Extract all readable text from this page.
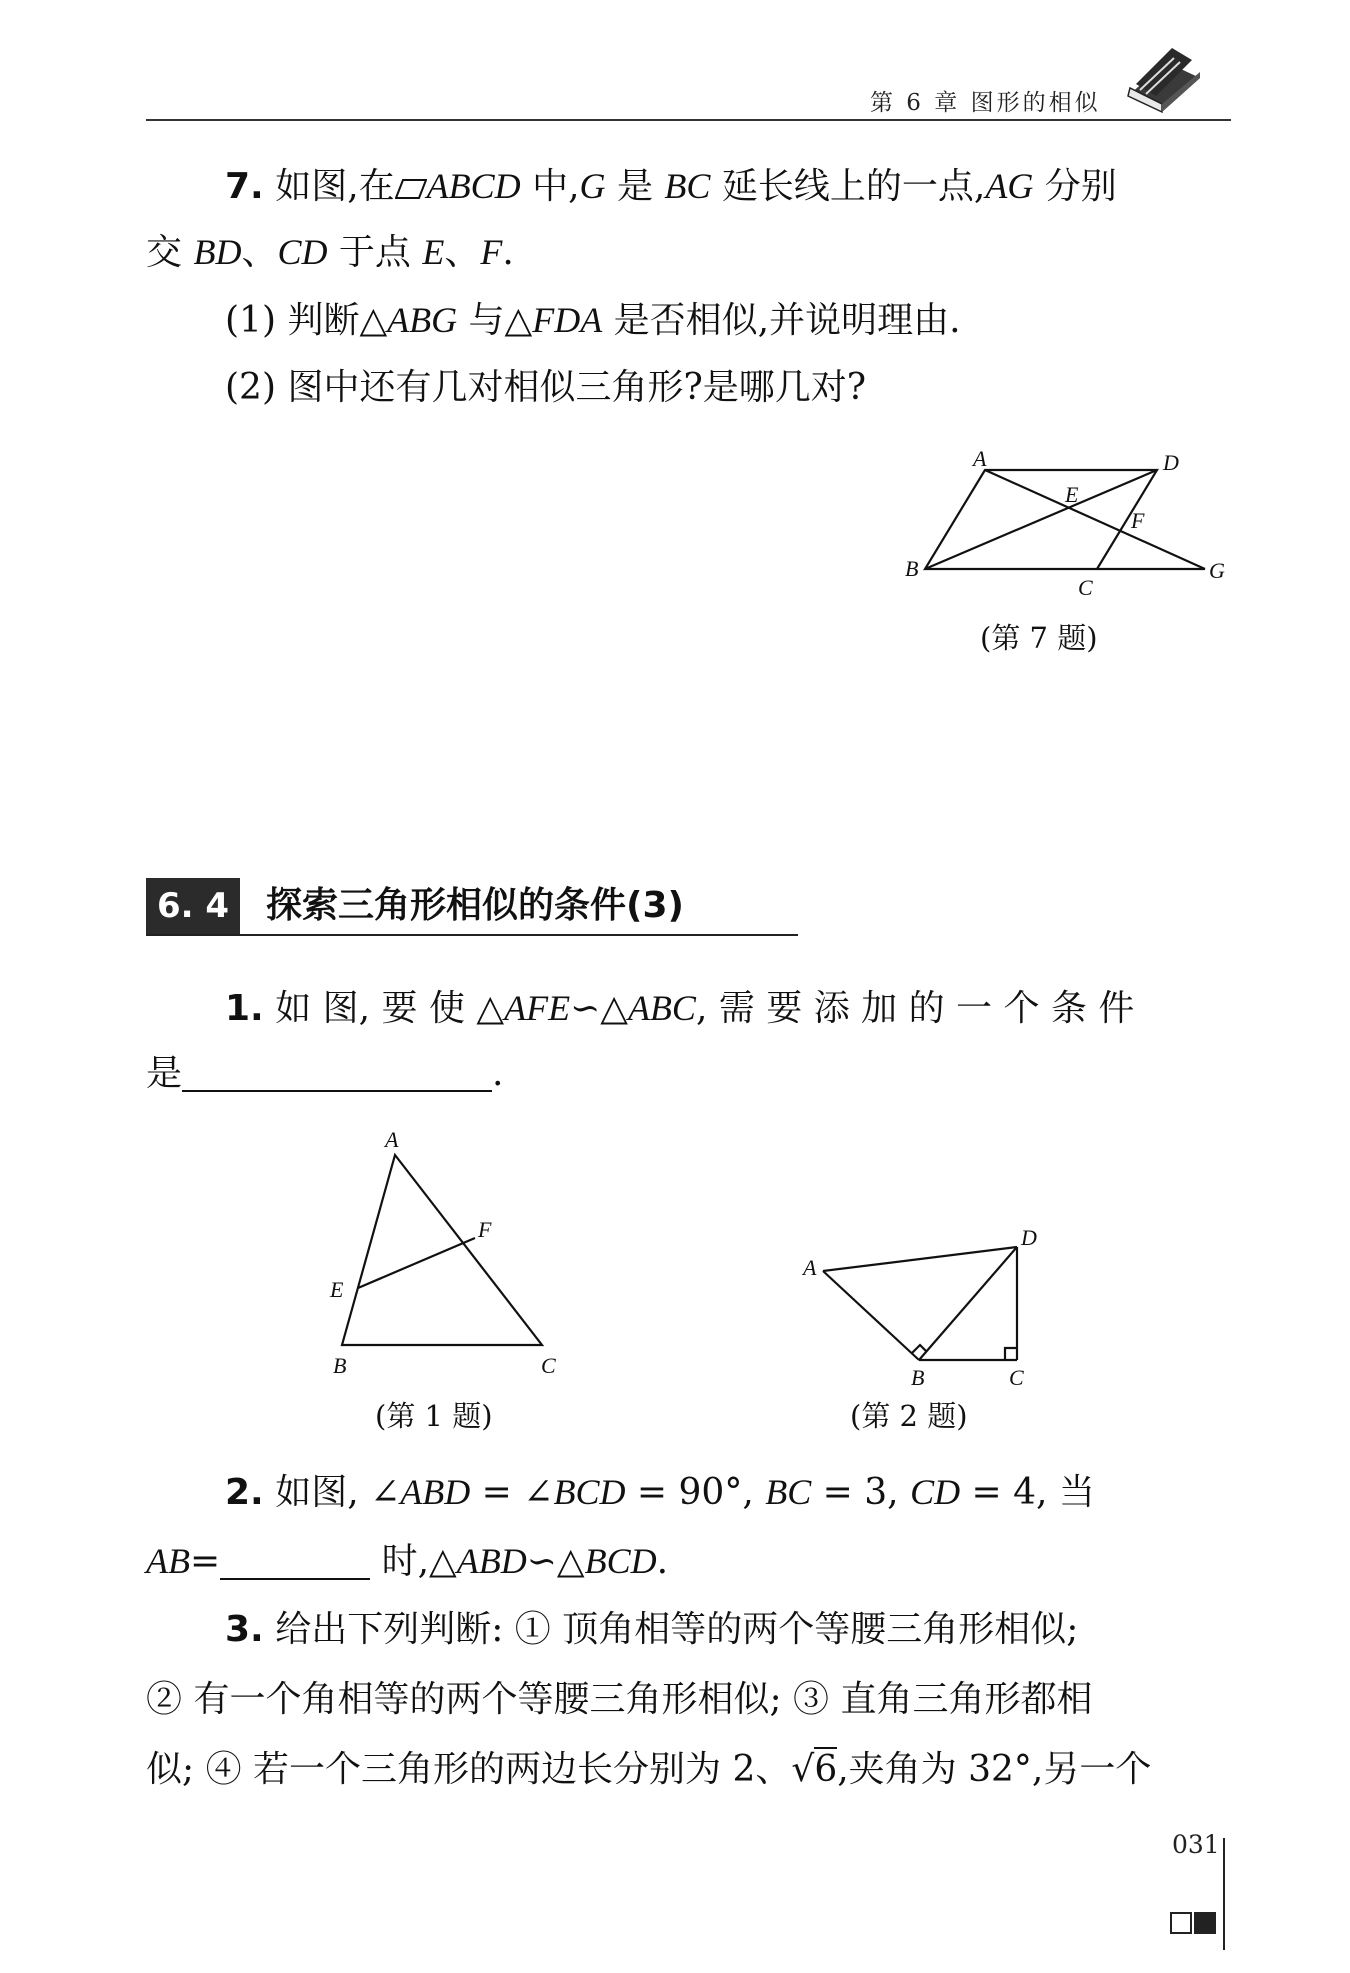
第 6 章 图形的相似
7. 如图,在 ABCD 中,G 是 BC 延长线上的一点,AG 分别
交 BD、CD 于点 E、F.
(1) 判断△ABG 与△FDA 是否相似,并说明理由.
(2) 图中还有几对相似三角形?是哪几对?
A	D
E
F
B
C
G
(第 7 题)
6. 4	探索三角形相似的条件(3)
1. 如 图, 要 使 △AFE∽△ABC, 需 要 添 加 的 一 个 条 件
是	.
A
F
E
B	C
(第 1 题)
A
D
B	C
(第 2 题)
2. 如图, ∠ABD = ∠BCD = 90°, BC = 3, CD = 4, 当
AB=	时,△ABD∽△BCD.
3. 给出下列判断: ① 顶角相等的两个等腰三角形相似;
② 有一个角相等的两个等腰三角形相似; ③ 直角三角形都相
似; ④ 若一个三角形的两边长分别为 2、√6,夹角为 32°,另一个
031
